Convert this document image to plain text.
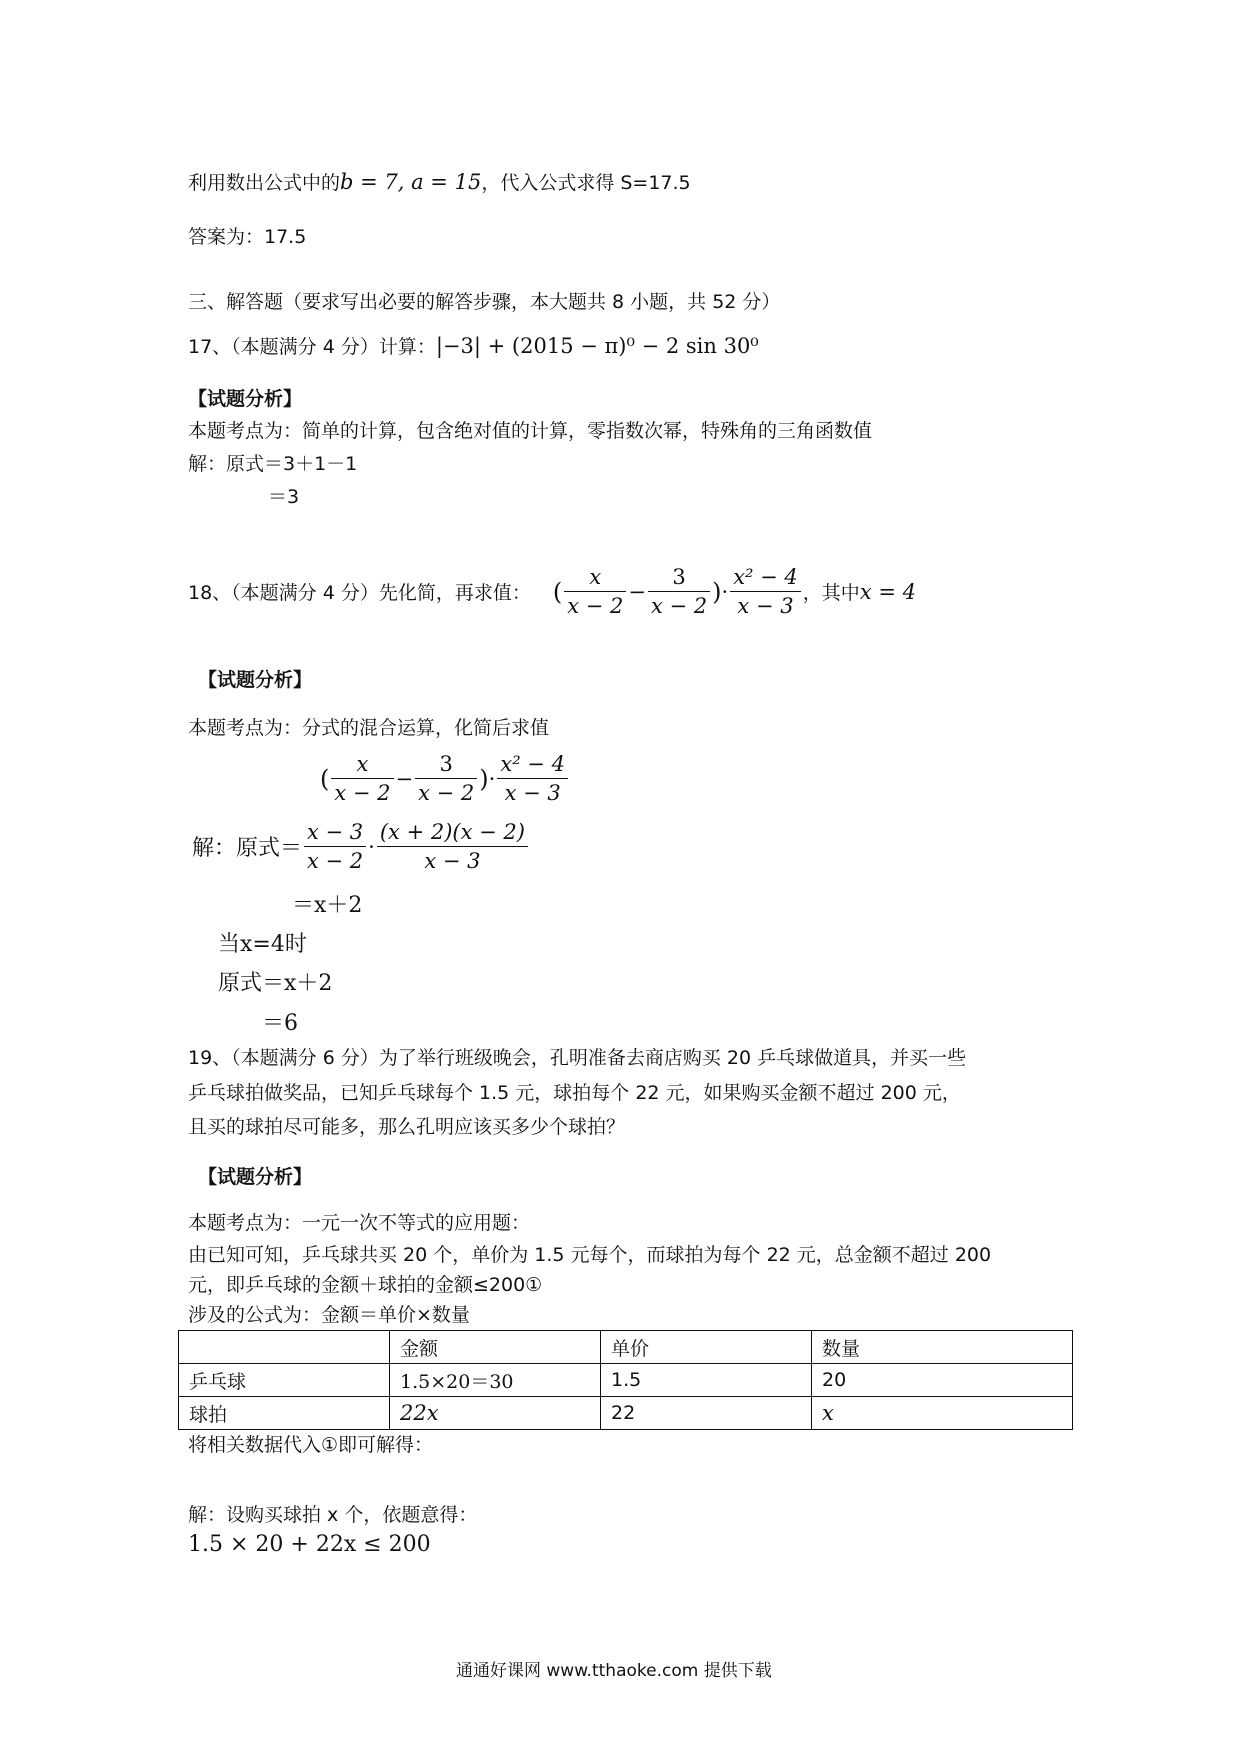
利用数出公式中的b = 7, a = 15，代入公式求得 S=17.5
答案为：17.5
三、解答题（要求写出必要的解答步骤，本大题共 8 小题，共 52 分）
17、（本题满分 4 分）计算：|−3| + (2015 − π)⁰ − 2 sin 30⁰
【试题分析】
本题考点为：简单的计算，包含绝对值的计算，零指数次幂，特殊角的三角函数值
解：原式＝3＋1－1
＝3
18、（本题满分 4 分）先化简，再求值： ( $\frac{x}{x - 2} - \frac{3}{x - 2}$ ) · $\frac{\text{x² − 4}}{x - 3}$ ，其中 x = 4
【试题分析】
本题考点为：分式的混合运算，化简后求值
( $\frac{x}{x - 2} - \frac{3}{x - 2}$ ) · $\frac{\text{x² − 4}}{x - 3}$
解：原式＝ $\frac{x - 3}{x - 2} \cdot \frac{(x + 2)(x - 2)}{x - 3}$
＝x＋2
当x=4时
原式＝x＋2
＝6
19、（本题满分 6 分）为了举行班级晚会，孔明准备去商店购买 20 乒乓球做道具，并买一些
乒乓球拍做奖品，已知乒乓球每个 1.5 元，球拍每个 22 元，如果购买金额不超过 200 元，
且买的球拍尽可能多，那么孔明应该买多少个球拍？
【试题分析】
本题考点为：一元一次不等式的应用题：
由已知可知，乒乓球共买 20 个，单价为 1.5 元每个，而球拍为每个 22 元，总金额不超过 200
元，即乒乓球的金额＋球拍的金额≤200①
涉及的公式为：金额＝单价×数量
	金额	单价	数量
乒乓球	1.5×20＝30	1.5	20
球拍	22x	22	x
将相关数据代入①即可解得：
解：设购买球拍 x 个，依题意得：
1.5 × 20 + 22x ≤ 200
通通好课网 www.tthaoke.com 提供下载
